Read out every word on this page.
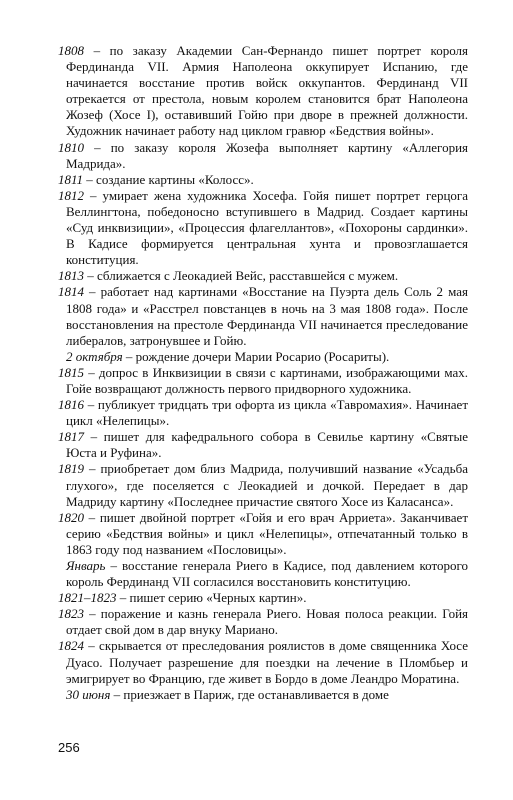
1808 – по заказу Академии Сан-Фернандо пишет портрет короля Фердинанда VII. Армия Наполеона оккупирует Испанию, где начинается восстание против войск оккупантов. Фердинанд VII отрекается от престола, новым королем становится брат Наполеона Жозеф (Хосе I), оставивший Гойю при дворе в прежней должности. Художник начинает работу над циклом гравюр «Бедствия войны».

1810 – по заказу короля Жозефа выполняет картину «Аллегория Мадрида».

1811 – создание картины «Колосс».

1812 – умирает жена художника Хосефа. Гойя пишет портрет герцога Веллингтона, победоносно вступившего в Мадрид. Создает картины «Суд инквизиции», «Процессия флагеллантов», «Похороны сардинки». В Кадисе формируется центральная хунта и провозглашается конституция.

1813 – сближается с Леокадией Вейс, расставшейся с мужем.

1814 – работает над картинами «Восстание на Пуэрта дель Соль 2 мая 1808 года» и «Расстрел повстанцев в ночь на 3 мая 1808 года». После восстановления на престоле Фердинанда VII начинается преследование либералов, затронувшее и Гойю.

2 октября – рождение дочери Марии Росарио (Росариты).

1815 – допрос в Инквизиции в связи с картинами, изображающими мах. Гойе возвращают должность первого придворного художника.

1816 – публикует тридцать три офорта из цикла «Тавромахия». Начинает цикл «Нелепицы».

1817 – пишет для кафедрального собора в Севилье картину «Святые Юста и Руфина».

1819 – приобретает дом близ Мадрида, получивший название «Усадьба глухого», где поселяется с Леокадией и дочкой. Передает в дар Мадриду картину «Последнее причастие святого Хосе из Каласанса».

1820 – пишет двойной портрет «Гойя и его врач Арриета». Заканчивает серию «Бедствия войны» и цикл «Нелепицы», отпечатанный только в 1863 году под названием «Пословицы».

Январь – восстание генерала Риего в Кадисе, под давлением которого король Фердинанд VII согласился восстановить конституцию.

1821–1823 – пишет серию «Черных картин».

1823 – поражение и казнь генерала Риего. Новая полоса реакции. Гойя отдает свой дом в дар внуку Мариано.

1824 – скрывается от преследования роялистов в доме священника Хосе Дуасо. Получает разрешение для поездки на лечение в Пломбьер и эмигрирует во Францию, где живет в Бордо в доме Леандро Моратина.

30 июня – приезжает в Париж, где останавливается в доме

256
